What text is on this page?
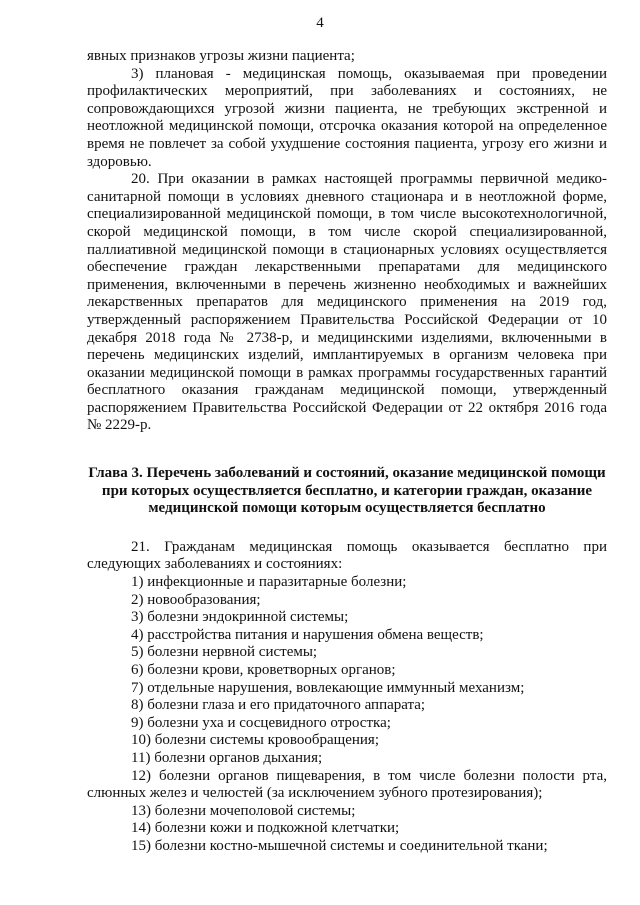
4

явных признаков угрозы жизни пациента;

3) плановая - медицинская помощь, оказываемая при проведении профилактических мероприятий, при заболеваниях и состояниях, не сопровождающихся угрозой жизни пациента, не требующих экстренной и неотложной медицинской помощи, отсрочка оказания которой на определенное время не повлечет за собой ухудшение состояния пациента, угрозу его жизни и здоровью.

20. При оказании в рамках настоящей программы первичной медико-санитарной помощи в условиях дневного стационара и в неотложной форме, специализированной медицинской помощи, в том числе высокотехнологичной, скорой медицинской помощи, в том числе скорой специализированной, паллиативной медицинской помощи в стационарных условиях осуществляется обеспечение граждан лекарственными препаратами для медицинского применения, включенными в перечень жизненно необходимых и важнейших лекарственных препаратов для медицинского применения на 2019 год, утвержденный распоряжением Правительства Российской Федерации от 10 декабря 2018 года № 2738-р, и медицинскими изделиями, включенными в перечень медицинских изделий, имплантируемых в организм человека при оказании медицинской помощи в рамках программы государственных гарантий бесплатного оказания гражданам медицинской помощи, утвержденный распоряжением Правительства Российской Федерации от 22 октября 2016 года № 2229-р.

Глава 3. Перечень заболеваний и состояний, оказание медицинской помощи при которых осуществляется бесплатно, и категории граждан, оказание медицинской помощи которым осуществляется бесплатно

21. Гражданам медицинская помощь оказывается бесплатно при следующих заболеваниях и состояниях:

1) инфекционные и паразитарные болезни;

2) новообразования;

3) болезни эндокринной системы;

4) расстройства питания и нарушения обмена веществ;

5) болезни нервной системы;

6) болезни крови, кроветворных органов;

7) отдельные нарушения, вовлекающие иммунный механизм;

8) болезни глаза и его придаточного аппарата;

9) болезни уха и сосцевидного отростка;

10) болезни системы кровообращения;

11) болезни органов дыхания;

12) болезни органов пищеварения, в том числе болезни полости рта, слюнных желез и челюстей (за исключением зубного протезирования);

13) болезни мочеполовой системы;

14) болезни кожи и подкожной клетчатки;

15) болезни костно-мышечной системы и соединительной ткани;
